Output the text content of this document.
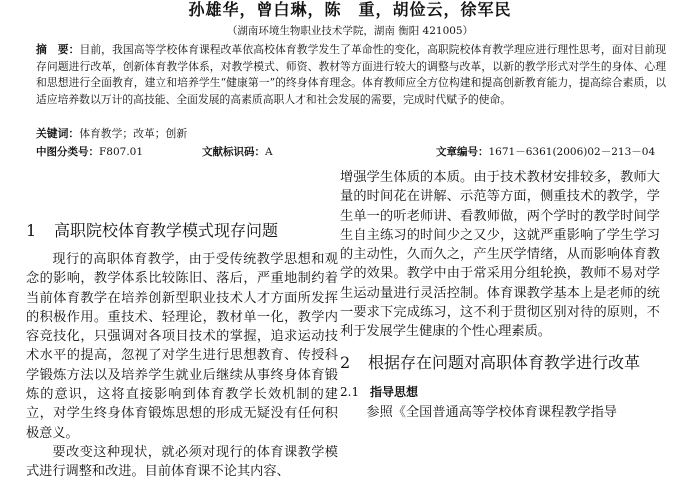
孙雄华，曾白琳，陈　重，胡俭云，徐军民
（湖南环境生物职业技术学院，湖南 衡阳 421005）

摘　要：目前，我国高等学校体育课程改革依高校体育教学发生了革命性的变化，高职院校体育教学理应进行理性思考，面对目前现存问题进行改革，创新体育教学体系，对教学模式、师资、教材等方面进行较大的调整与改革，以新的教学形式对学生的身体、心理和思想进行全面教育，建立和培养学生“健康第一”的终身体育理念。体育教师应全方位构建和提高创新教育能力，提高综合素质，以适应培养数以万计的高技能、全面发展的高素质高职人才和社会发展的需要，完成时代赋予的使命。

关键词：体育教学；改革；创新

中图分类号：F807.01	文献标识码：A	文章编号：1671－6361(2006)02－213－04
1	高职院校体育教学模式现存问题

现行的高职体育教学，由于受传统教学思想和观念的影响，教学体系比较陈旧、落后，严重地制约着当前体育教学在培养创新型职业技术人才方面所发挥的积极作用。重技术、轻理论，教材单一化，教学内容竞技化，只强调对各项目技术的掌握，追求运动技术水平的提高，忽视了对学生进行思想教育、传授科学锻炼方法以及培养学生就业后继续从事终身体育锻炼的意识，这将直接影响到体育教学长效机制的建立，对学生终身体育锻炼思想的形成无疑没有任何积极意义。

要改变这种现状，就必须对现行的体育课教学模式进行调整和改进。目前体育课不论其内容、

增强学生体质的本质。由于技术教材安排较多，教师大量的时间花在讲解、示范等方面，侧重技术的教学，学生单一的听老师讲、看教师做，两个学时的教学时间学生自主练习的时间少之又少，这就严重影响了学生学习的主动性，久而久之，产生厌学情绪，从而影响体育教学的效果。教学中由于常采用分组轮换，教师不易对学生运动量进行灵活控制。体育课教学基本上是老师的统一要求下完成练习，这不利于贯彻区别对待的原则，不利于发展学生健康的个性心理素质。

2	根据存在问题对高职体育教学进行改革
2.1 指导思想

参照《全国普通高等学校体育课程教学指导
